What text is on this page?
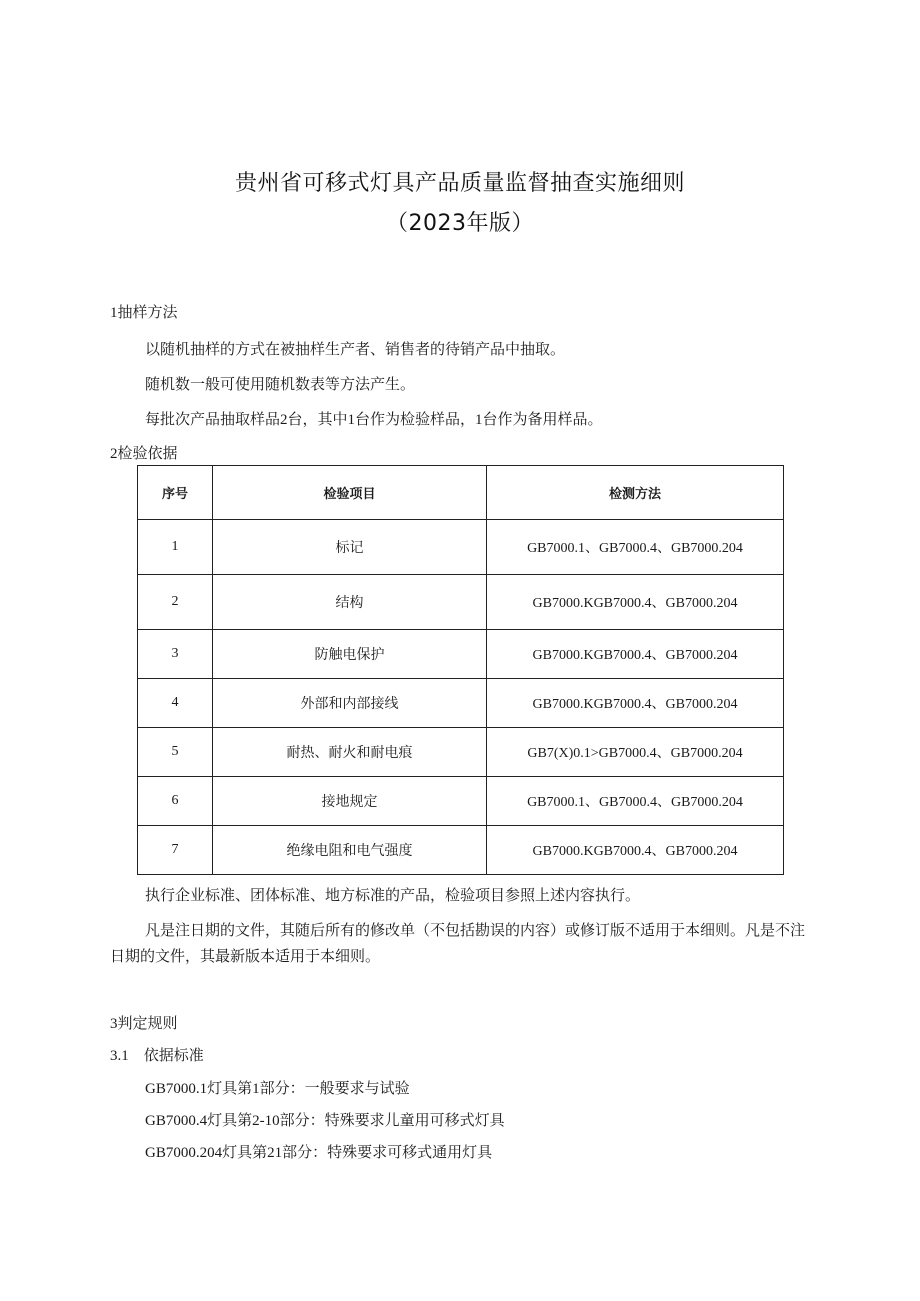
贵州省可移式灯具产品质量监督抽查实施细则
（2023年版）
1抽样方法
以随机抽样的方式在被抽样生产者、销售者的待销产品中抽取。
随机数一般可使用随机数表等方法产生。
每批次产品抽取样品2台，其中1台作为检验样品，1台作为备用样品。
2检验依据
序号	检验项目	检测方法
1	标记	GB7000.1、GB7000.4、GB7000.204
2	结构	GB7000.KGB7000.4、GB7000.204
3	防触电保护	GB7000.KGB7000.4、GB7000.204
4	外部和内部接线	GB7000.KGB7000.4、GB7000.204
5	耐热、耐火和耐电痕	GB7(X)0.1>GB7000.4、GB7000.204
6	接地规定	GB7000.1、GB7000.4、GB7000.204
7	绝缘电阻和电气强度	GB7000.KGB7000.4、GB7000.204
执行企业标准、团体标准、地方标准的产品，检验项目参照上述内容执行。
凡是注日期的文件，其随后所有的修改单（不包括勘误的内容）或修订版不适用于本细则。凡是不注日期的文件，其最新版本适用于本细则。
3判定规则
3.1　依据标准
GB7000.1灯具第1部分：一般要求与试验
GB7000.4灯具第2-10部分：特殊要求儿童用可移式灯具
GB7000.204灯具第21部分：特殊要求可移式通用灯具
